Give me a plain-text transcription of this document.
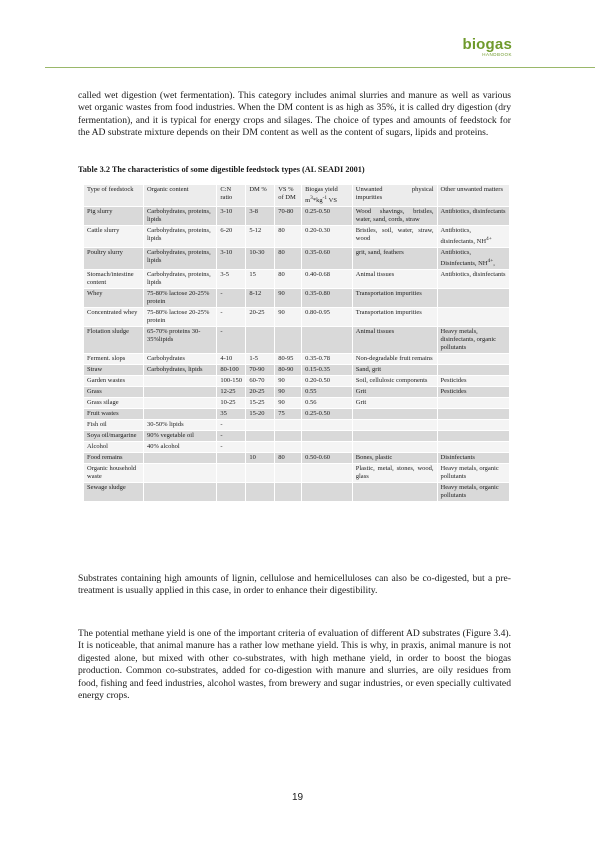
biogas
HANDBOOK

called wet digestion (wet fermentation). This category includes animal slurries and manure as well as various wet organic wastes from food industries. When the DM content is as high as 35%, it is called dry digestion (dry fermentation), and it is typical for energy crops and silages. The choice of types and amounts of feedstock for the AD substrate mixture depends on their DM content as well as the content of sugars, lipids and proteins.

Table 3.2 The characteristics of some digestible feedstock types (AL SEADI 2001)

Type of feedstock	Organic content	C:N ratio	DM %	VS % of DM	Biogas yield $m^3*kg^{-1}$ VS	Unwanted physical impurities	Other unwanted matters
Pig slurry	Carbohydrates, proteins, lipids	3-10	3-8	70-80	0.25-0.50	Wood shavings, bristles, water, sand, cords, straw	Antibiotics, disinfectants
Cattle slurry	Carbohydrates, proteins, lipids	6-20	5-12	80	0.20-0.30	Bristles, soil, water, straw, wood	Antibiotics, disinfectants, $NH^{4+}$
Poultry slurry	Carbohydrates, proteins, lipids	3-10	10-30	80	0.35-0.60	grit, sand, feathers	Antibiotics, Disinfectants, $NH^{4+}$,
Stomach/intestine content	Carbohydrates, proteins, lipids	3-5	15	80	0.40-0.68	Animal tissues	Antibiotics, disinfectants
Whey	75-80% lactose 20-25% protein	-	8-12	90	0.35-0.80	Transportation impurities	
Concentrated whey	75-80% lactose 20-25% protein	-	20-25	90	0.80-0.95	Transportation impurities	
Flotation sludge	65-70% proteins 30-35%lipids	-				Animal tissues	Heavy metals, disinfectants, organic pollutants
Ferment. slops	Carbohydrates	4-10	1-5	80-95	0.35-0.78	Non-degradable fruit remains	
Straw	Carbohydrates, lipids	80-100	70-90	80-90	0.15-0.35	Sand, grit	
Garden wastes		100-150	60-70	90	0.20-0.50	Soil, cellulosic components	Pesticides
Grass		12-25	20-25	90	0.55	Grit	Pesticides
Grass silage		10-25	15-25	90	0.56	Grit	
Fruit wastes		35	15-20	75	0.25-0.50		
Fish oil	30-50% lipids	-					
Soya oil/margarine	90% vegetable oil	-					
Alcohol	40% alcohol	-					
Food remains			10	80	0.50-0.60	Bones, plastic	Disinfectants
Organic household waste						Plastic, metal, stones, wood, glass	Heavy metals, organic pollutants
Sewage sludge							Heavy metals, organic pollutants

Substrates containing high amounts of lignin, cellulose and hemicelluloses can also be co-digested, but a pre-treatment is usually applied in this case, in order to enhance their digestibility.

The potential methane yield is one of the important criteria of evaluation of different AD substrates (Figure 3.4). It is noticeable, that animal manure has a rather low methane yield. This is why, in praxis, animal manure is not digested alone, but mixed with other co-substrates, with high methane yield, in order to boost the biogas production. Common co-substrates, added for co-digestion with manure and slurries, are oily residues from food, fishing and feed industries, alcohol wastes, from brewery and sugar industries, or even specially cultivated energy crops.

19
